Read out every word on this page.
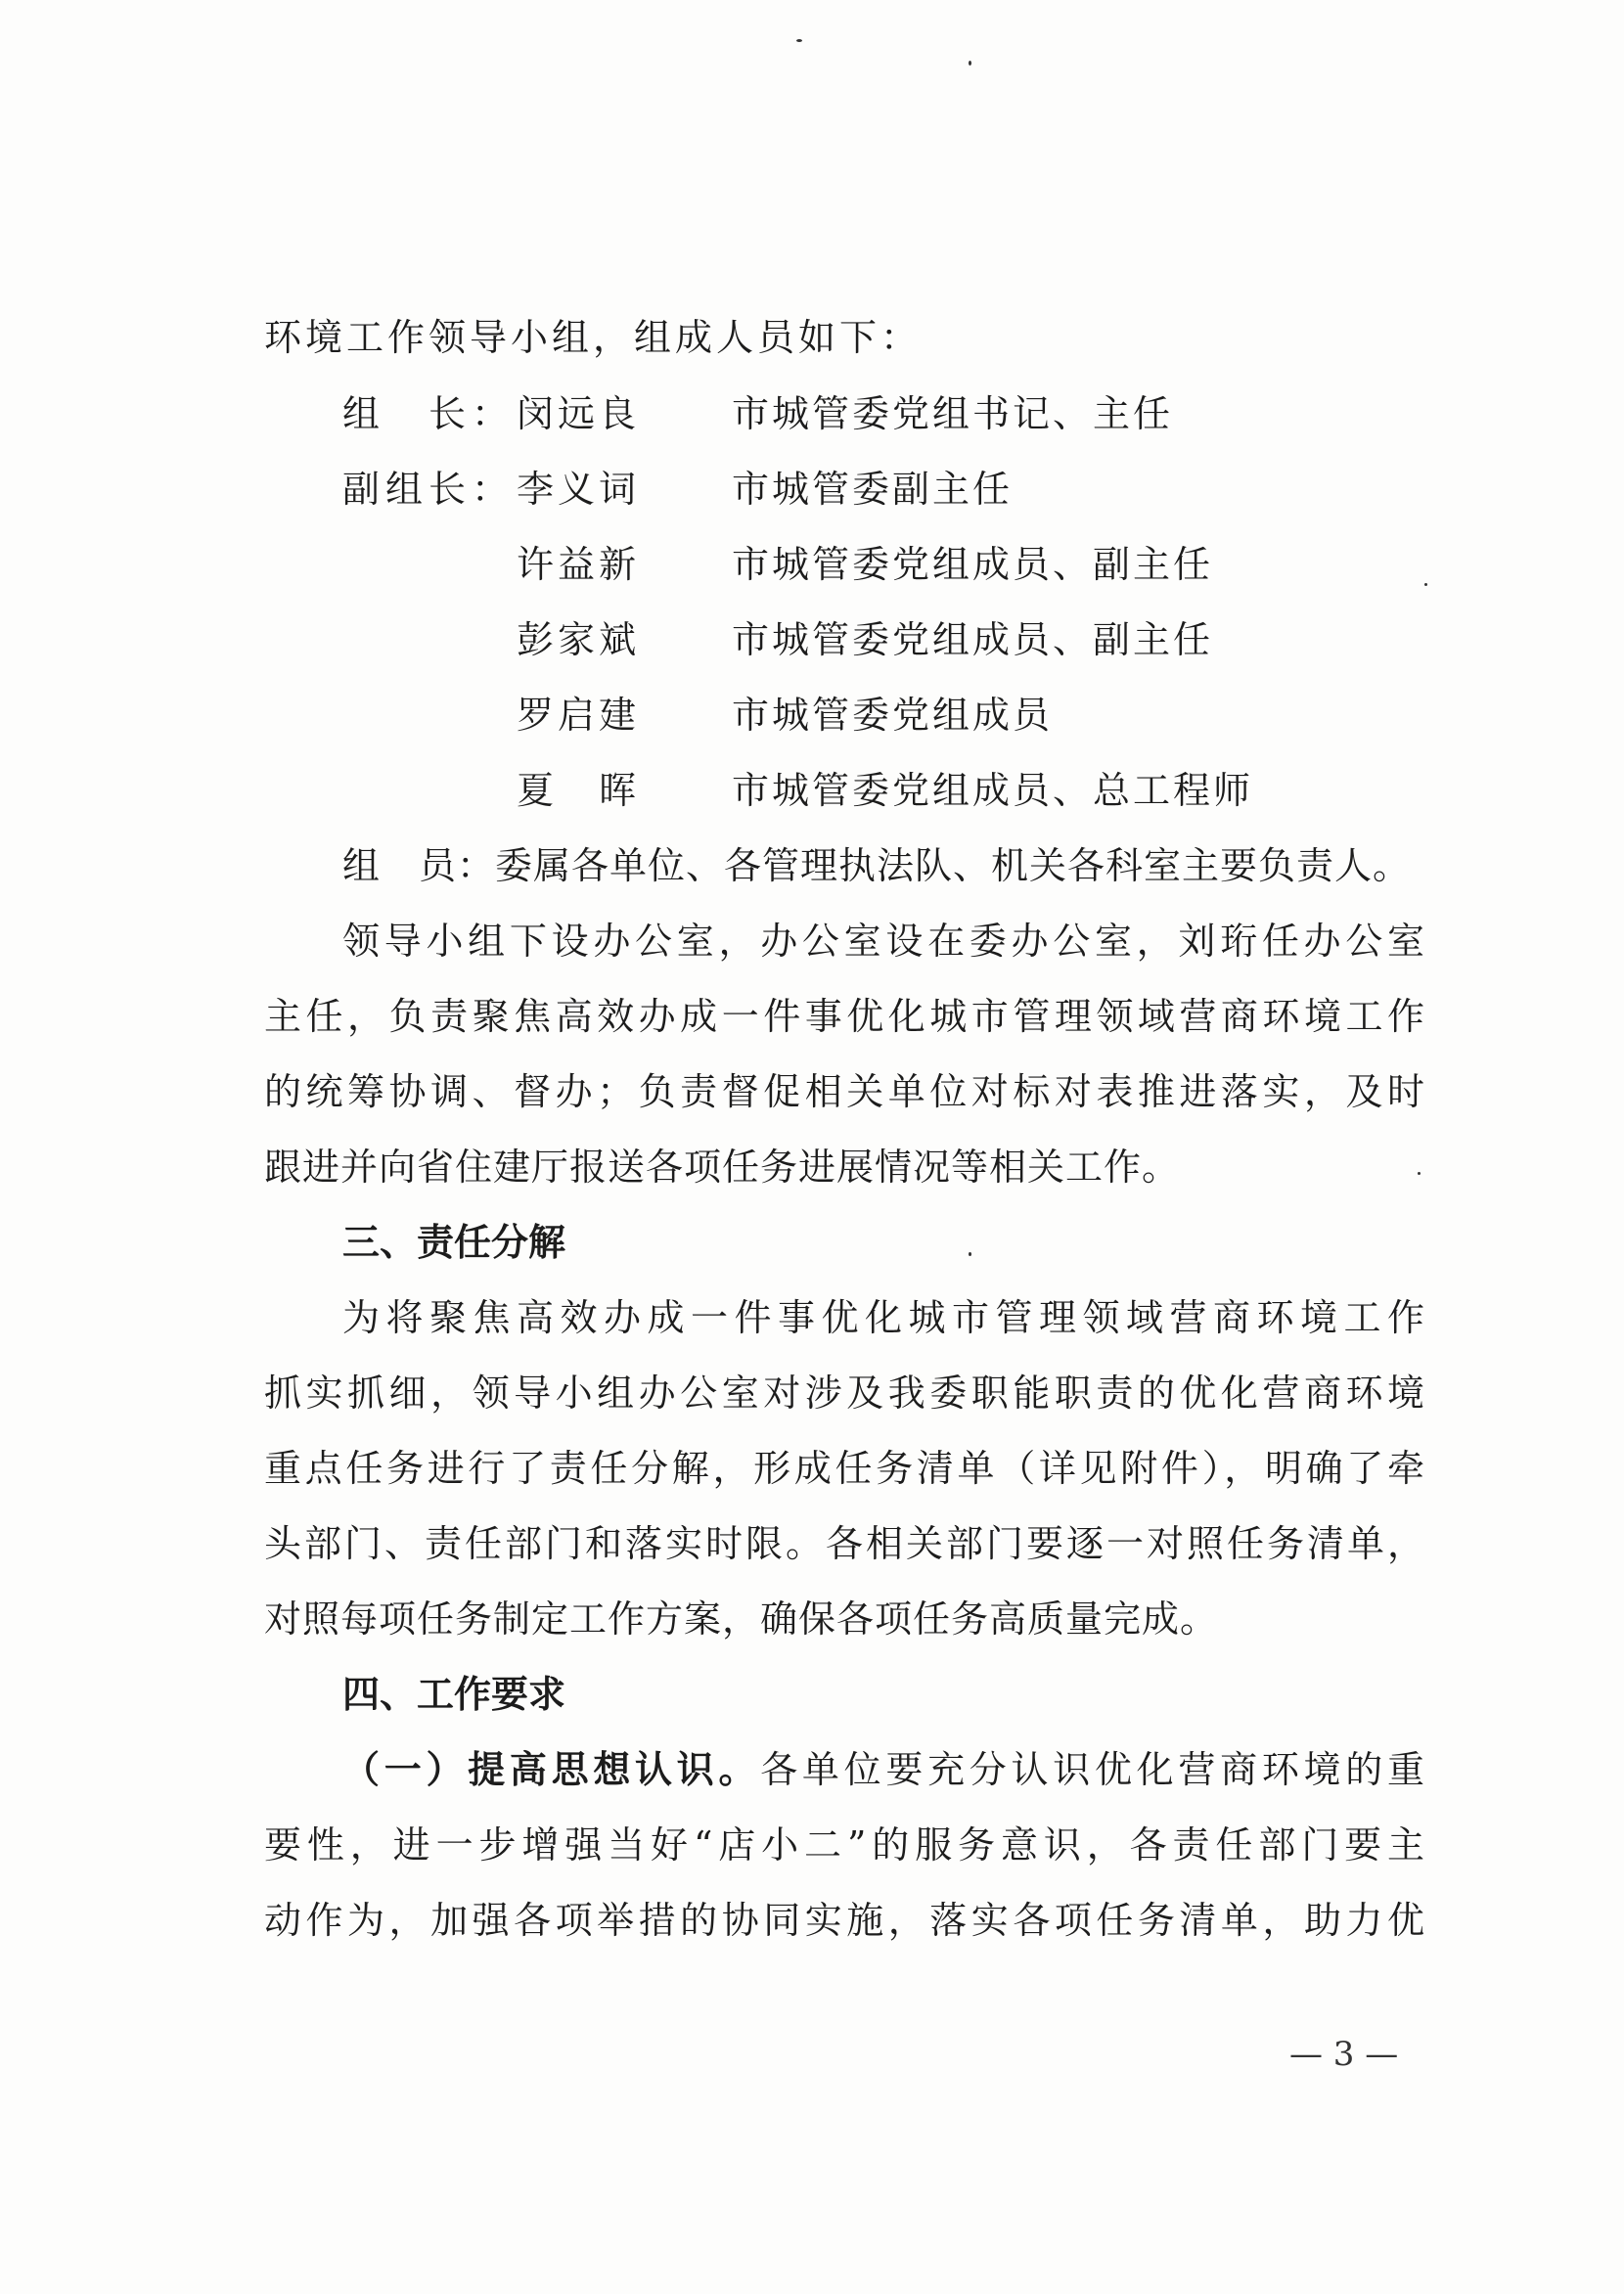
环境工作领导小组，组成人员如下：
组　长： 闵远良 市城管委党组书记、主任
副组长： 李义词 市城管委副主任
许益新 市城管委党组成员、副主任
彭家斌 市城管委党组成员、副主任
罗启建 市城管委党组成员
夏　晖 市城管委党组成员、总工程师
组　员：委属各单位、各管理执法队、机关各科室主要负责人。
领导小组下设办公室，办公室设在委办公室，刘珩任办公室
主任，负责聚焦高效办成一件事优化城市管理领域营商环境工作
的统筹协调、督办；负责督促相关单位对标对表推进落实，及时
跟进并向省住建厅报送各项任务进展情况等相关工作。
三、责任分解
为将聚焦高效办成一件事优化城市管理领域营商环境工作
抓实抓细，领导小组办公室对涉及我委职能职责的优化营商环境
重点任务进行了责任分解，形成任务清单（详见附件），明确了牵
头部门、责任部门和落实时限。各相关部门要逐一对照任务清单，
对照每项任务制定工作方案，确保各项任务高质量完成。
四、工作要求
（一）提高思想认识。各单位要充分认识优化营商环境的重
要性，进一步增强当好“店小二”的服务意识，各责任部门要主
动作为，加强各项举措的协同实施，落实各项任务清单，助力优
— 3 —
